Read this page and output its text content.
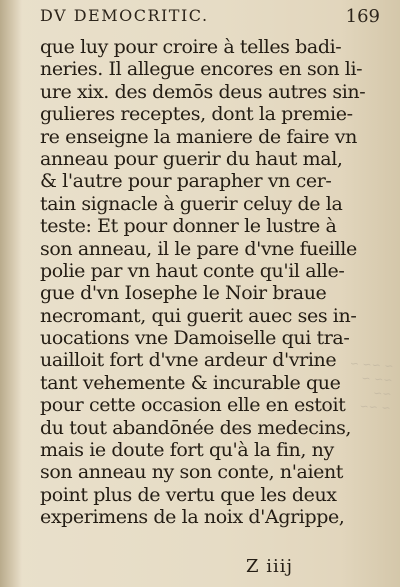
~ ~~ ~
~~ ~ ~~
~ ~~
DV DEMOCRITIC.	169
que luy pour croire à telles badi-
neries. Il allegue encores en son li-
ure xix. des demōs deus autres sin-
gulieres receptes, dont la premie-
re enseigne la maniere de faire vn
anneau pour guerir du haut mal,
& l'autre pour parapher vn cer-
tain signacle à guerir celuy de la
teste: Et pour donner le lustre à
son anneau, il le pare d'vne fueille
polie par vn haut conte qu'il alle-
gue d'vn Iosephe le Noir braue
necromant, qui guerit auec ses in-
uocations vne Damoiselle qui tra-
uailloit fort d'vne ardeur d'vrine
tant vehemente & incurable que
pour cette occasion elle en estoit
du tout abandōnée des medecins,
mais ie doute fort qu'à la fin, ny
son anneau ny son conte, n'aient
point plus de vertu que les deux
experimens de la noix d'Agrippe,
Z iiij
